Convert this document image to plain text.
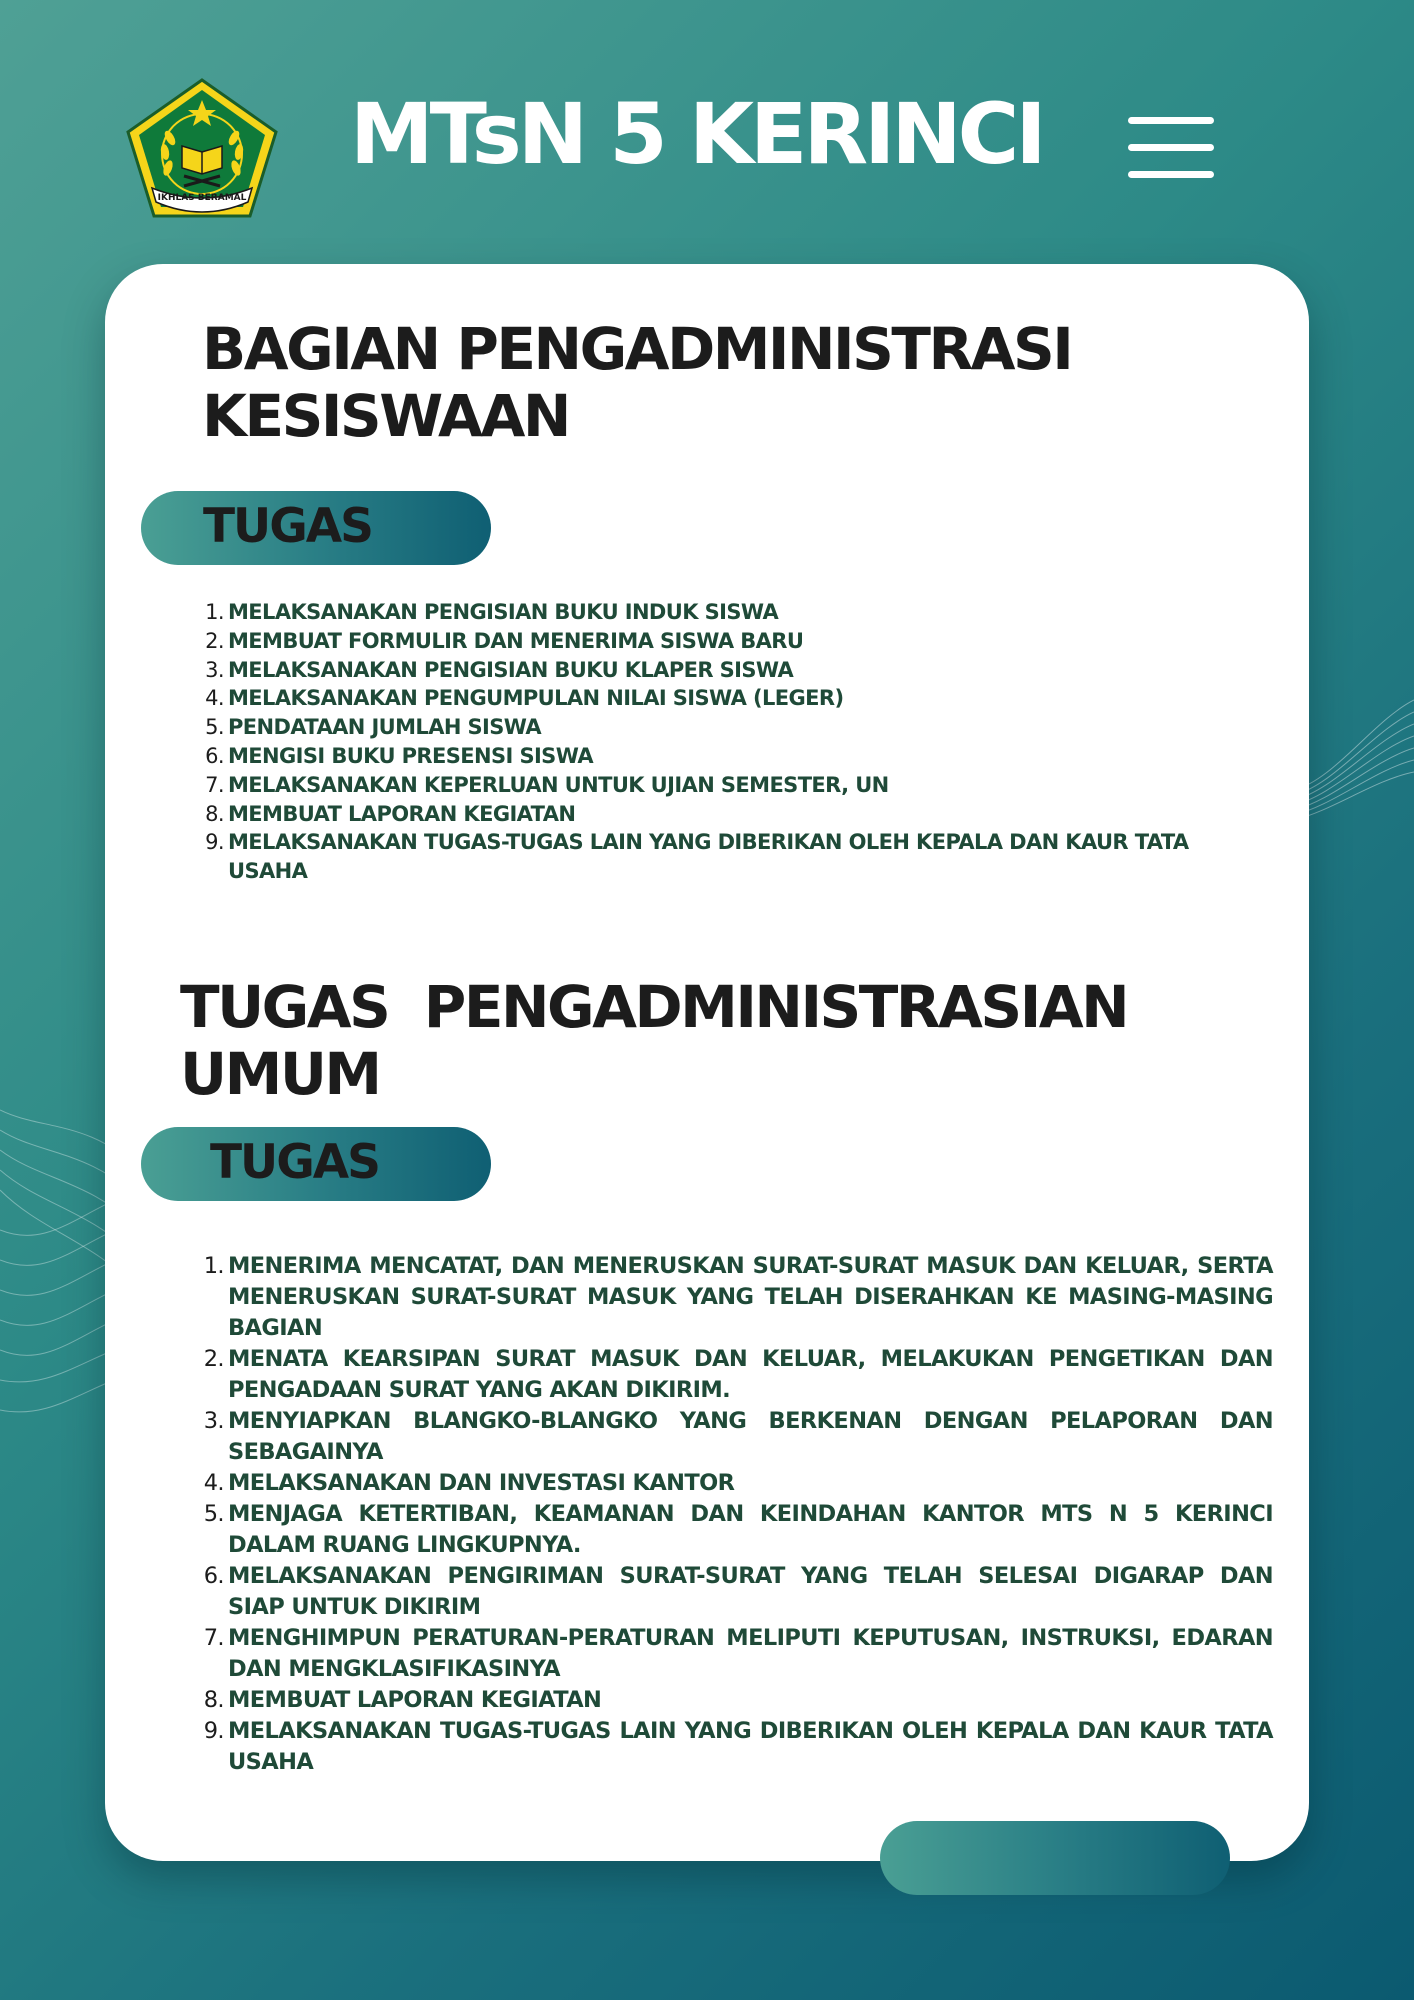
IKHLAS BERAMAL
MTsN 5 KERINCI
BAGIAN PENGADMINISTRASI
KESISWAAN
TUGAS
1. MELAKSANAKAN PENGISIAN BUKU INDUK SISWA
2. MEMBUAT FORMULIR DAN MENERIMA SISWA BARU
3. MELAKSANAKAN PENGISIAN BUKU KLAPER SISWA
4. MELAKSANAKAN PENGUMPULAN NILAI SISWA (LEGER)
5. PENDATAAN JUMLAH SISWA
6. MENGISI BUKU PRESENSI SISWA
7. MELAKSANAKAN KEPERLUAN UNTUK UJIAN SEMESTER, UN
8. MEMBUAT LAPORAN KEGIATAN
9. MELAKSANAKAN TUGAS-TUGAS LAIN YANG DIBERIKAN OLEH KEPALA DAN KAUR TATA USAHA
TUGAS  PENGADMINISTRASIAN
UMUM
TUGAS
1. MENERIMA MENCATAT, DAN MENERUSKAN SURAT-SURAT MASUK DAN KELUAR, SERTA MENERUSKAN SURAT-SURAT MASUK YANG TELAH DISERAHKAN KE MASING-MASING BAGIAN
2. MENATA KEARSIPAN SURAT MASUK DAN KELUAR, MELAKUKAN PENGETIKAN DAN PENGADAAN SURAT YANG AKAN DIKIRIM.
3. MENYIAPKAN BLANGKO-BLANGKO YANG BERKENAN DENGAN PELAPORAN DAN SEBAGAINYA
4. MELAKSANAKAN DAN INVESTASI KANTOR
5. MENJAGA KETERTIBAN, KEAMANAN DAN KEINDAHAN KANTOR MTS N 5 KERINCI DALAM RUANG LINGKUPNYA.
6. MELAKSANAKAN PENGIRIMAN SURAT-SURAT YANG TELAH SELESAI DIGARAP DAN SIAP UNTUK DIKIRIM
7. MENGHIMPUN PERATURAN-PERATURAN MELIPUTI KEPUTUSAN, INSTRUKSI, EDARAN DAN MENGKLASIFIKASINYA
8. MEMBUAT LAPORAN KEGIATAN
9. MELAKSANAKAN TUGAS-TUGAS LAIN YANG DIBERIKAN OLEH KEPALA DAN KAUR TATA USAHA
